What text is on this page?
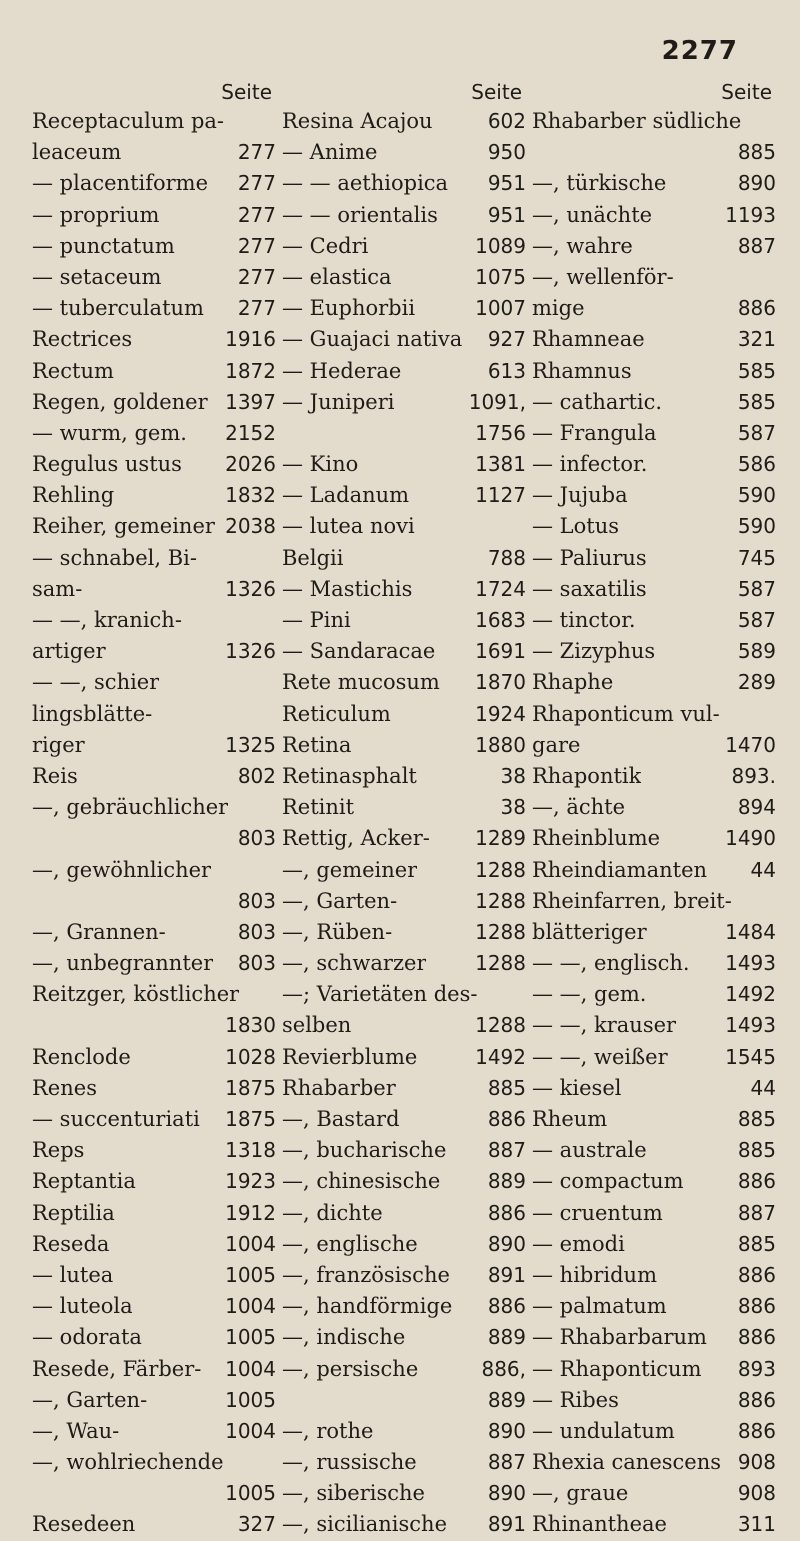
2277
Seite
Receptaculum pa-
leaceum	277
— placentiforme 277
— proprium	277
— punctatum	277
— setaceum	277
— tuberculatum 277
Rectrices	1916
Rectum	1872
Regen, goldener 1397
— wurm, gem. 2152
Regulus ustus 2026
Rehling	1832
Reiher, gemeiner 2038
— schnabel, Bi-
sam-	1326
— —, kranich-
artiger	1326
— —, schier
lingsblätte-
riger	1325
Reis	802
—, gebräuchlicher
803
—, gewöhnlicher
803
—, Grannen-	803
—, unbegrannter 803
Reitzger, köstlicher
1830
Renclode	1028
Renes	1875
— succenturiati 1875
Reps	1318
Reptantia	1923
Reptilia	1912
Reseda	1004
— lutea	1005
— luteola	1004
— odorata	1005
Resede, Färber- 1004
—, Garten-	1005
—, Wau-	1004
—, wohlriechende
1005
Resedeen	327
Seite
Resina Acajou	602
— Anime	950
— — aethiopica 951
— — orientalis 951
— Cedri	1089
— elastica	1075
— Euphorbii	1007
— Guajaci nativa 927
— Hederae	613
— Juniperi	1091,
1756
— Kino	1381
— Ladanum	1127
— lutea novi
Belgii	788
— Mastichis	1724
— Pini	1683
— Sandaracae 1691
Rete mucosum 1870
Reticulum	1924
Retina	1880
Retinasphalt	38
Retinit	38
Rettig, Acker- 1289
—, gemeiner	1288
—, Garten-	1288
—, Rüben-	1288
—, schwarzer 1288
—; Varietäten des-
selben	1288
Revierblume	1492
Rhabarber	885
—, Bastard	886
—, bucharische 887
—, chinesische 889
—, dichte	886
—, englische	890
—, französische 891
—, handförmige 886
—, indische	889
—, persische	886,
889
—, rothe	890
—, russische	887
—, siberische	890
—, sicilianische 891
Seite
Rhabarber südliche
885
—, türkische	890
—, unächte	1193
—, wahre	887
—, wellenför-
mige	886
Rhamneae	321
Rhamnus	585
— cathartic.	585
— Frangula	587
— infector.	586
— Jujuba	590
— Lotus	590
— Paliurus	745
— saxatilis	587
— tinctor.	587
— Zizyphus	589
Rhaphe	289
Rhaponticum vul-
gare	1470
Rhapontik	893.
—, ächte	894
Rheinblume	1490
Rheindiamanten 44
Rheinfarren, breit-
blätteriger	1484
— —, englisch. 1493
— —, gem.	1492
— —, krauser 1493
— —, weißer	1545
— kiesel	44
Rheum	885
— australe	885
— compactum	886
— cruentum	887
— emodi	885
— hibridum	886
— palmatum	886
— Rhabarbarum 886
— Rhaponticum 893
— Ribes	886
— undulatum	886
Rhexia canescens 908
—, graue	908
Rhinantheae	311
